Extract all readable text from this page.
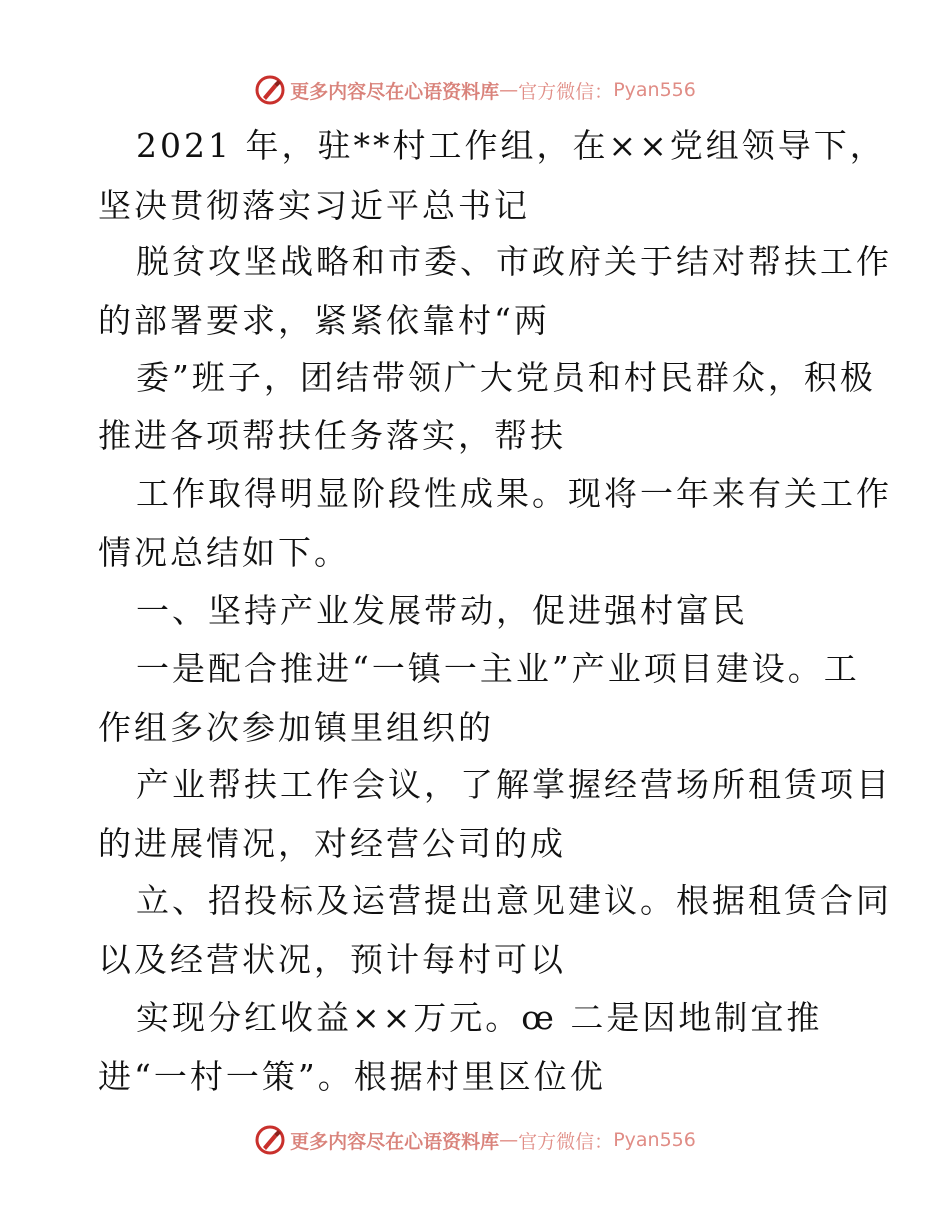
更多内容尽在心语资料库 — 官方微信： Pyan556
2021 年，驻**村工作组，在××党组领导下，
坚决贯彻落实习近平总书记
脱贫攻坚战略和市委、市政府关于结对帮扶工作
的部署要求，紧紧依靠村“两
委”班子，团结带领广大党员和村民群众，积极
推进各项帮扶任务落实，帮扶
工作取得明显阶段性成果。现将一年来有关工作
情况总结如下。
一、坚持产业发展带动，促进强村富民
一是配合推进“一镇一主业”产业项目建设。工
作组多次参加镇里组织的
产业帮扶工作会议，了解掌握经营场所租赁项目
的进展情况，对经营公司的成
立、招投标及运营提出意见建议。根据租赁合同
以及经营状况，预计每村可以
实现分红收益××万元。œ 二是因地制宜推
进“一村一策”。根据村里区位优
更多内容尽在心语资料库 — 官方微信： Pyan556
